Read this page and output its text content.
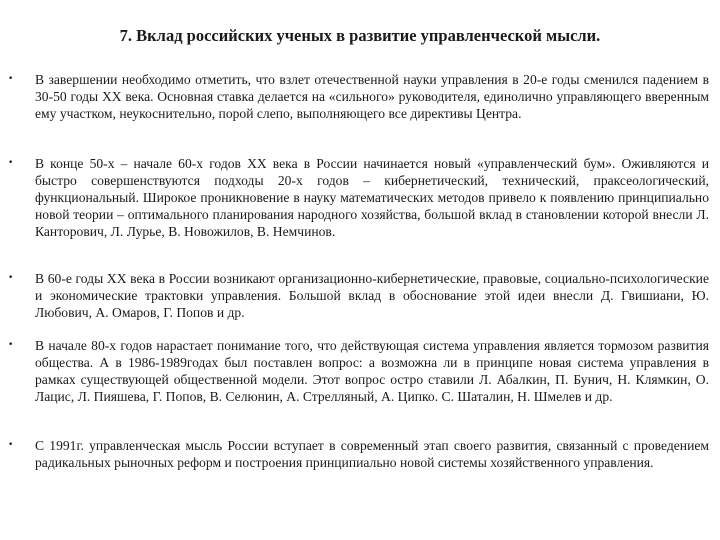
7. Вклад российских ученых в развитие управленческой мысли.
• В завершении необходимо отметить, что взлет отечественной науки управления в 20-е годы сменился падением в 30-50 годы ХХ века. Основная ставка делается на «сильного» руководителя, единолично управляющего вверенным ему участком, неукоснительно, порой слепо, выполняющего все директивы Центра.
• В конце 50-х – начале 60-х годов ХХ века в России начинается новый «управленческий бум». Оживляются и быстро совершенствуются подходы 20-х годов – кибернетический, технический, праксеологический, функциональный. Широкое проникновение в науку математических методов привело к появлению принципиально новой теории – оптимального планирования народного хозяйства, большой вклад в становлении которой внесли Л. Канторович, Л. Лурье, В. Новожилов, В. Немчинов.
• В 60-е годы ХХ века в России возникают организационно-кибернетические, правовые, социально-психологические и экономические трактовки управления. Большой вклад в обоснование этой идеи внесли Д. Гвишиани, Ю. Любович, А. Омаров, Г. Попов и др.
• В начале 80-х годов нарастает понимание того, что действующая система управления является тормозом развития общества. А в 1986-1989годах был поставлен вопрос: а возможна ли в принципе новая система управления в рамках существующей общественной модели. Этот вопрос остро ставили Л. Абалкин, П. Бунич, Н. Клямкин, О. Лацис, Л. Пияшева, Г. Попов, В. Селюнин, А. Стрелляный, А. Ципко. С. Шаталин, Н. Шмелев и др.
• С 1991г. управленческая мысль России вступает в современный этап своего развития, связанный с проведением радикальных рыночных реформ и построения принципиально новой системы хозяйственного управления.
